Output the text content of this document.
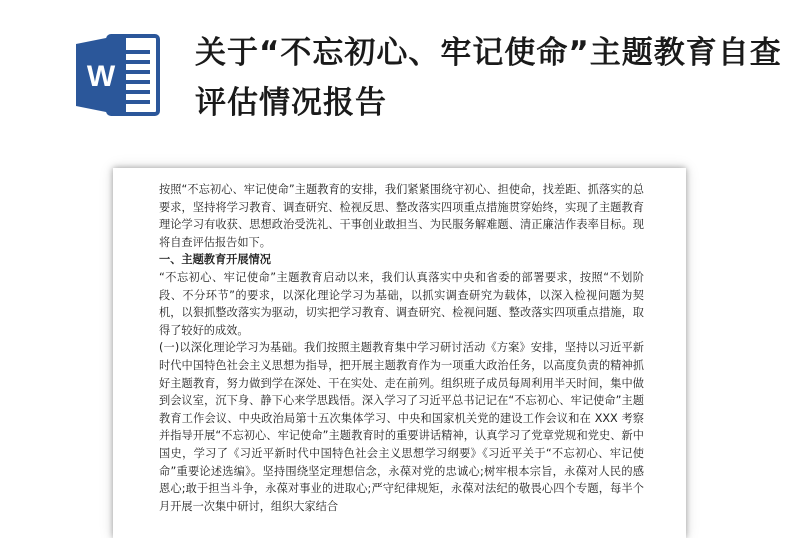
W
关于“不忘初心、牢记使命”主题教育自查评估情况报告

按照“不忘初心、牢记使命”主题教育的安排，我们紧紧围绕守初心、担使命，找差距、抓落实的总要求，坚持将学习教育、调查研究、检视反思、整改落实四项重点措施贯穿始终，实现了主题教育理论学习有收获、思想政治受洗礼、干事创业敢担当、为民服务解难题、清正廉洁作表率目标。现将自查评估报告如下。

一、主题教育开展情况

“不忘初心、牢记使命”主题教育启动以来，我们认真落实中央和省委的部署要求，按照“不划阶段、不分环节”的要求，以深化理论学习为基础，以抓实调查研究为载体，以深入检视问题为契机，以狠抓整改落实为驱动，切实把学习教育、调查研究、检视问题、整改落实四项重点措施，取得了较好的成效。

(一)以深化理论学习为基础。我们按照主题教育集中学习研讨活动《方案》安排，坚持以习近平新时代中国特色社会主义思想为指导，把开展主题教育作为一项重大政治任务，以高度负责的精神抓好主题教育，努力做到学在深处、干在实处、走在前列。组织班子成员每周利用半天时间，集中做到会议室，沉下身、静下心来学思践悟。深入学习了习近平总书记记在“不忘初心、牢记使命”主题教育工作会议、中央政治局第十五次集体学习、中央和国家机关党的建设工作会议和在 XXX 考察并指导开展“不忘初心、牢记使命”主题教育时的重要讲话精神，认真学习了党章党规和党史、新中国史，学习了《习近平新时代中国特色社会主义思想学习纲要》《习近平关于“不忘初心、牢记使命”重要论述选编》。坚持围绕坚定理想信念，永葆对党的忠诚心;树牢根本宗旨，永葆对人民的感恩心;敢于担当斗争，永葆对事业的进取心;严守纪律规矩，永葆对法纪的敬畏心四个专题，每半个月开展一次集中研讨，组织大家结合
